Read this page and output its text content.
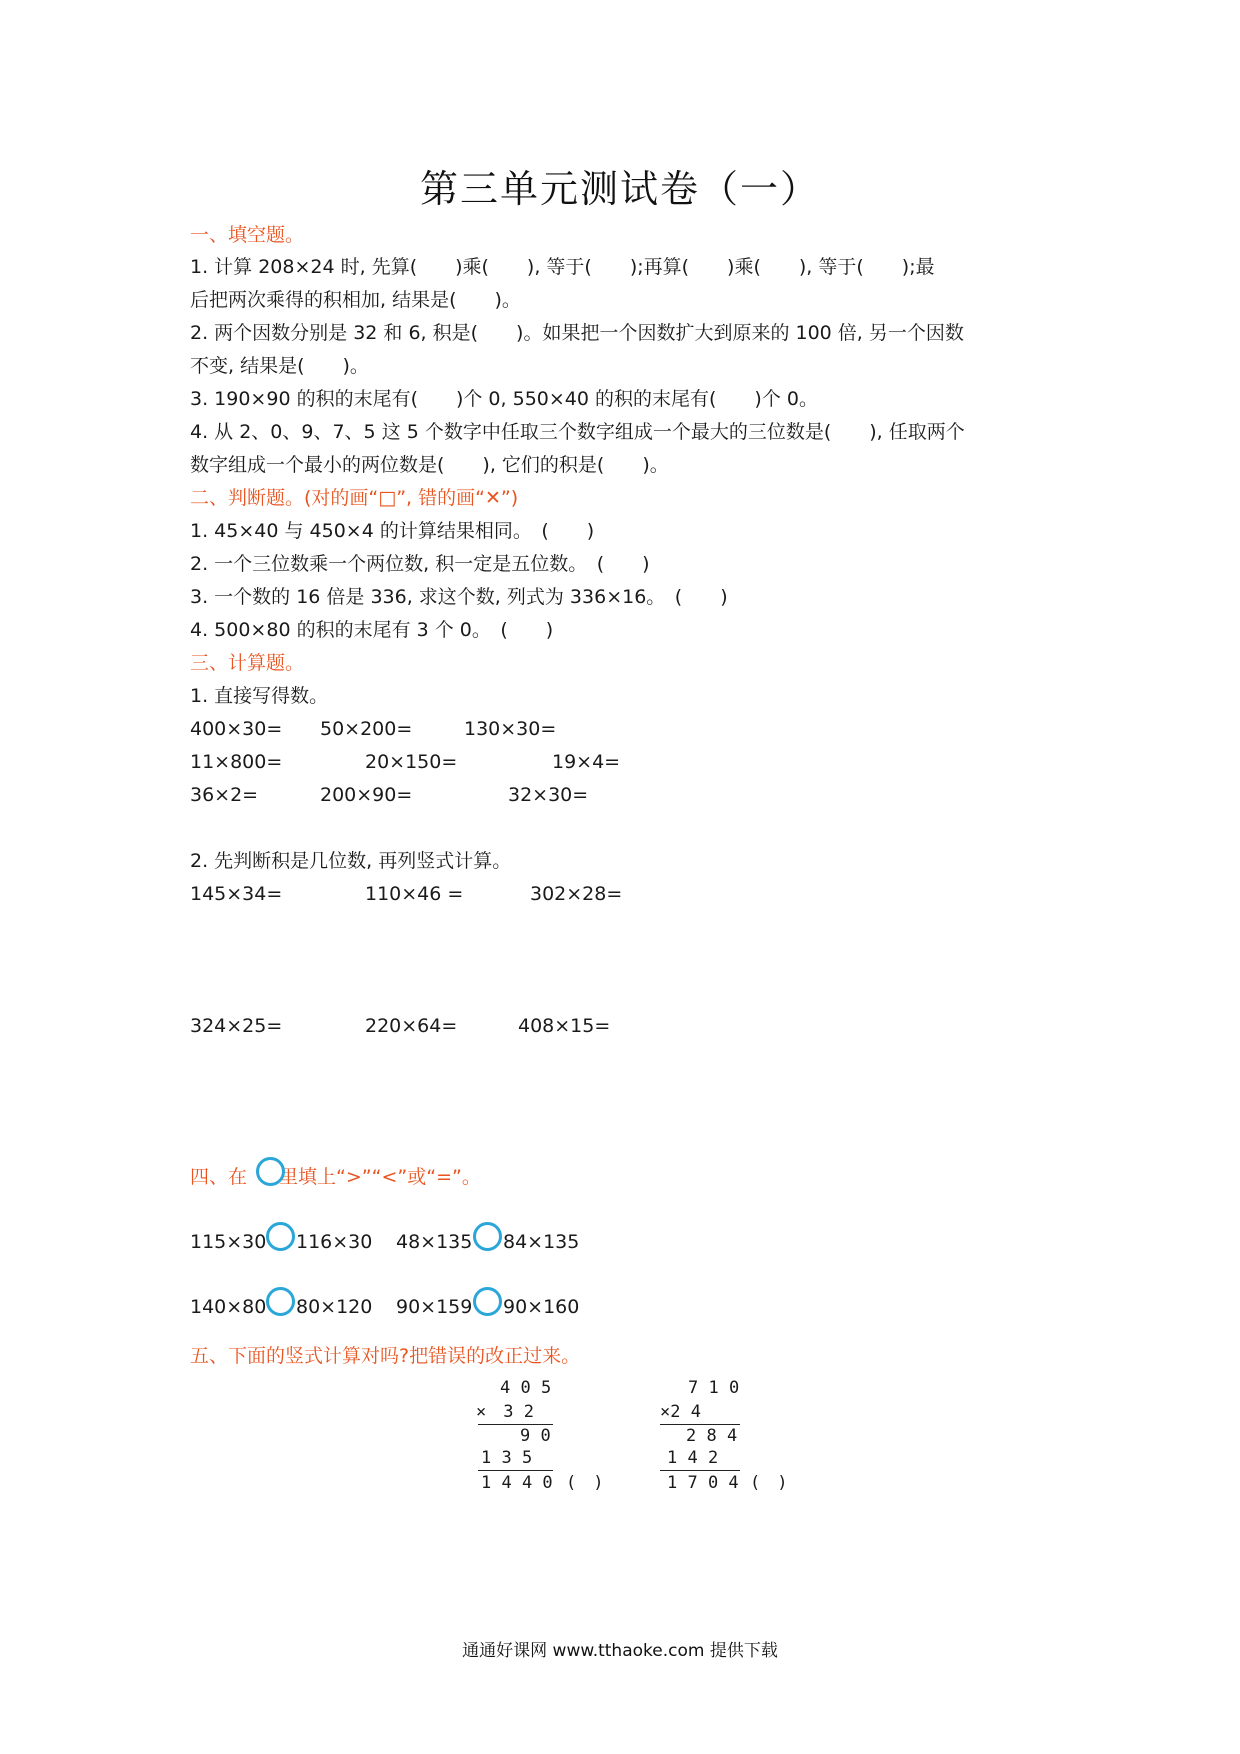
第三单元测试卷（一）
一、填空题。
1. 计算 208×24 时, 先算(　　)乘(　　), 等于(　　);再算(　　)乘(　　), 等于(　　);最
后把两次乘得的积相加, 结果是(　　)。
2. 两个因数分别是 32 和 6, 积是(　　)。如果把一个因数扩大到原来的 100 倍, 另一个因数
不变, 结果是(　　)。
3. 190×90 的积的末尾有(　　)个 0, 550×40 的积的末尾有(　　)个 0。
4. 从 2、0、9、7、5 这 5 个数字中任取三个数字组成一个最大的三位数是(　　), 任取两个
数字组成一个最小的两位数是(　　), 它们的积是(　　)。
二、判断题。(对的画“□”, 错的画“✕”)
1. 45×40 与 450×4 的计算结果相同。　(　　)
2. 一个三位数乘一个两位数, 积一定是五位数。　(　　)
3. 一个数的 16 倍是 336, 求这个数, 列式为 336×16。　(　　)
4. 500×80 的积的末尾有 3 个 0。　(　　)
三、计算题。
1. 直接写得数。
400×30= 50×200=	130×30=
11×800=	20×150=	19×4=
36×2=	200×90=	32×30=
2. 先判断积是几位数, 再列竖式计算。
145×34=	110×46 =	302×28=
324×25=	220×64=	408×15=
四、在 里填上“>”“<”或“=”。
115×30 116×30 48×135 84×135
140×80 80×120 90×159 90×160
五、下面的竖式计算对吗?把错误的改正过来。
4 0 5
×　3 2
9 0
1 3 5
1 4 4 0 (　)
7 1 0
×2 4
2 8 4
1 4 2
1 7 0 4 (　)
通通好课网 www.tthaoke.com 提供下载
